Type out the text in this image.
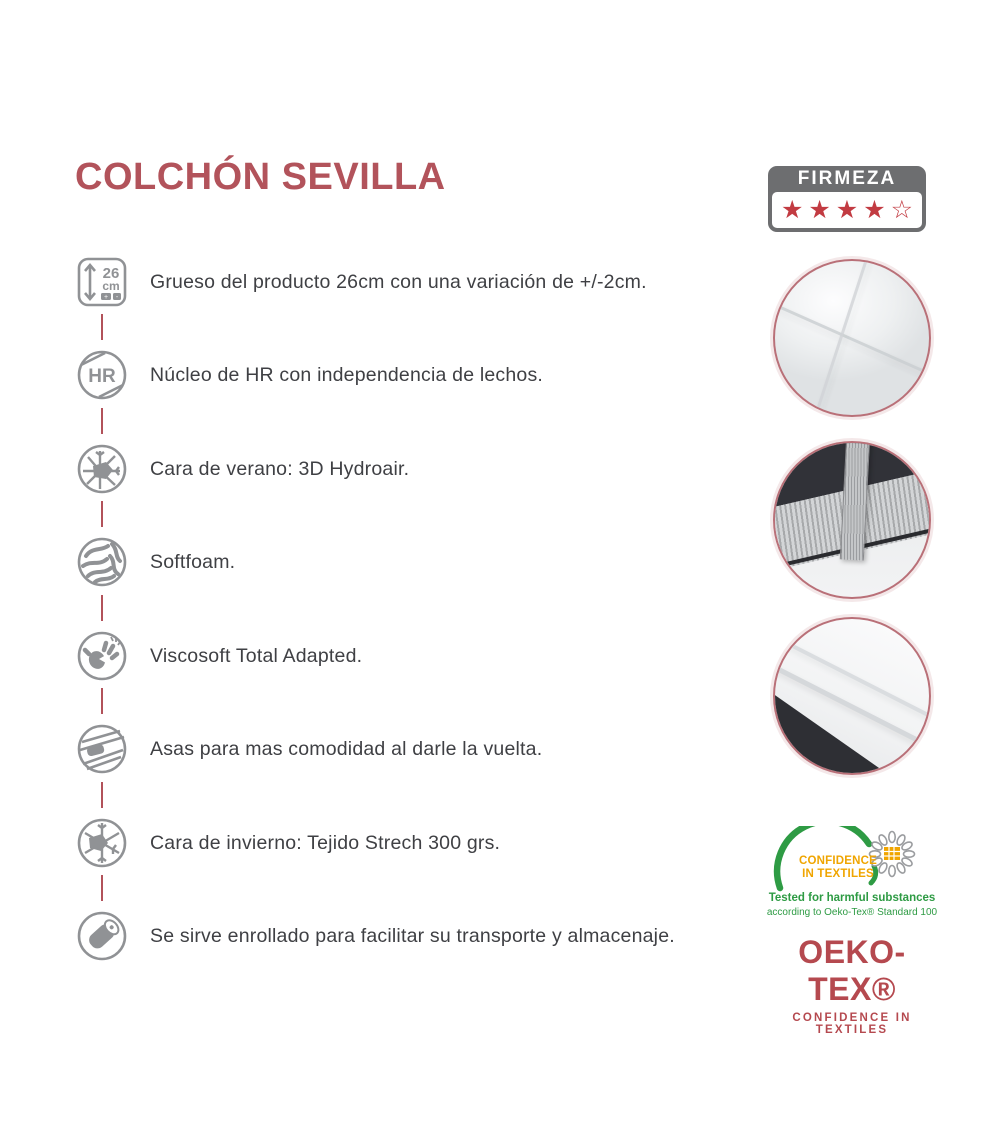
COLCHÓN SEVILLA	FIRMEZA
★ ★ ★ ★ ☆
26
cm
+ -
Grueso del producto 26cm con una variación de +/-2cm.
HR Núcleo de HR con independencia de lechos.
Cara de verano: 3D Hydroair.
Softfoam.
Viscosoft Total Adapted.
Asas para mas comodidad al darle la vuelta.
Cara de invierno: Tejido Strech 300 grs.
Se sirve enrollado para facilitar su transporte y almacenaje.
CONFIDENCE
IN TEXTILES
Tested for harmful substances
according to Oeko-Tex® Standard 100
OEKO-TEX®
CONFIDENCE IN TEXTILES
